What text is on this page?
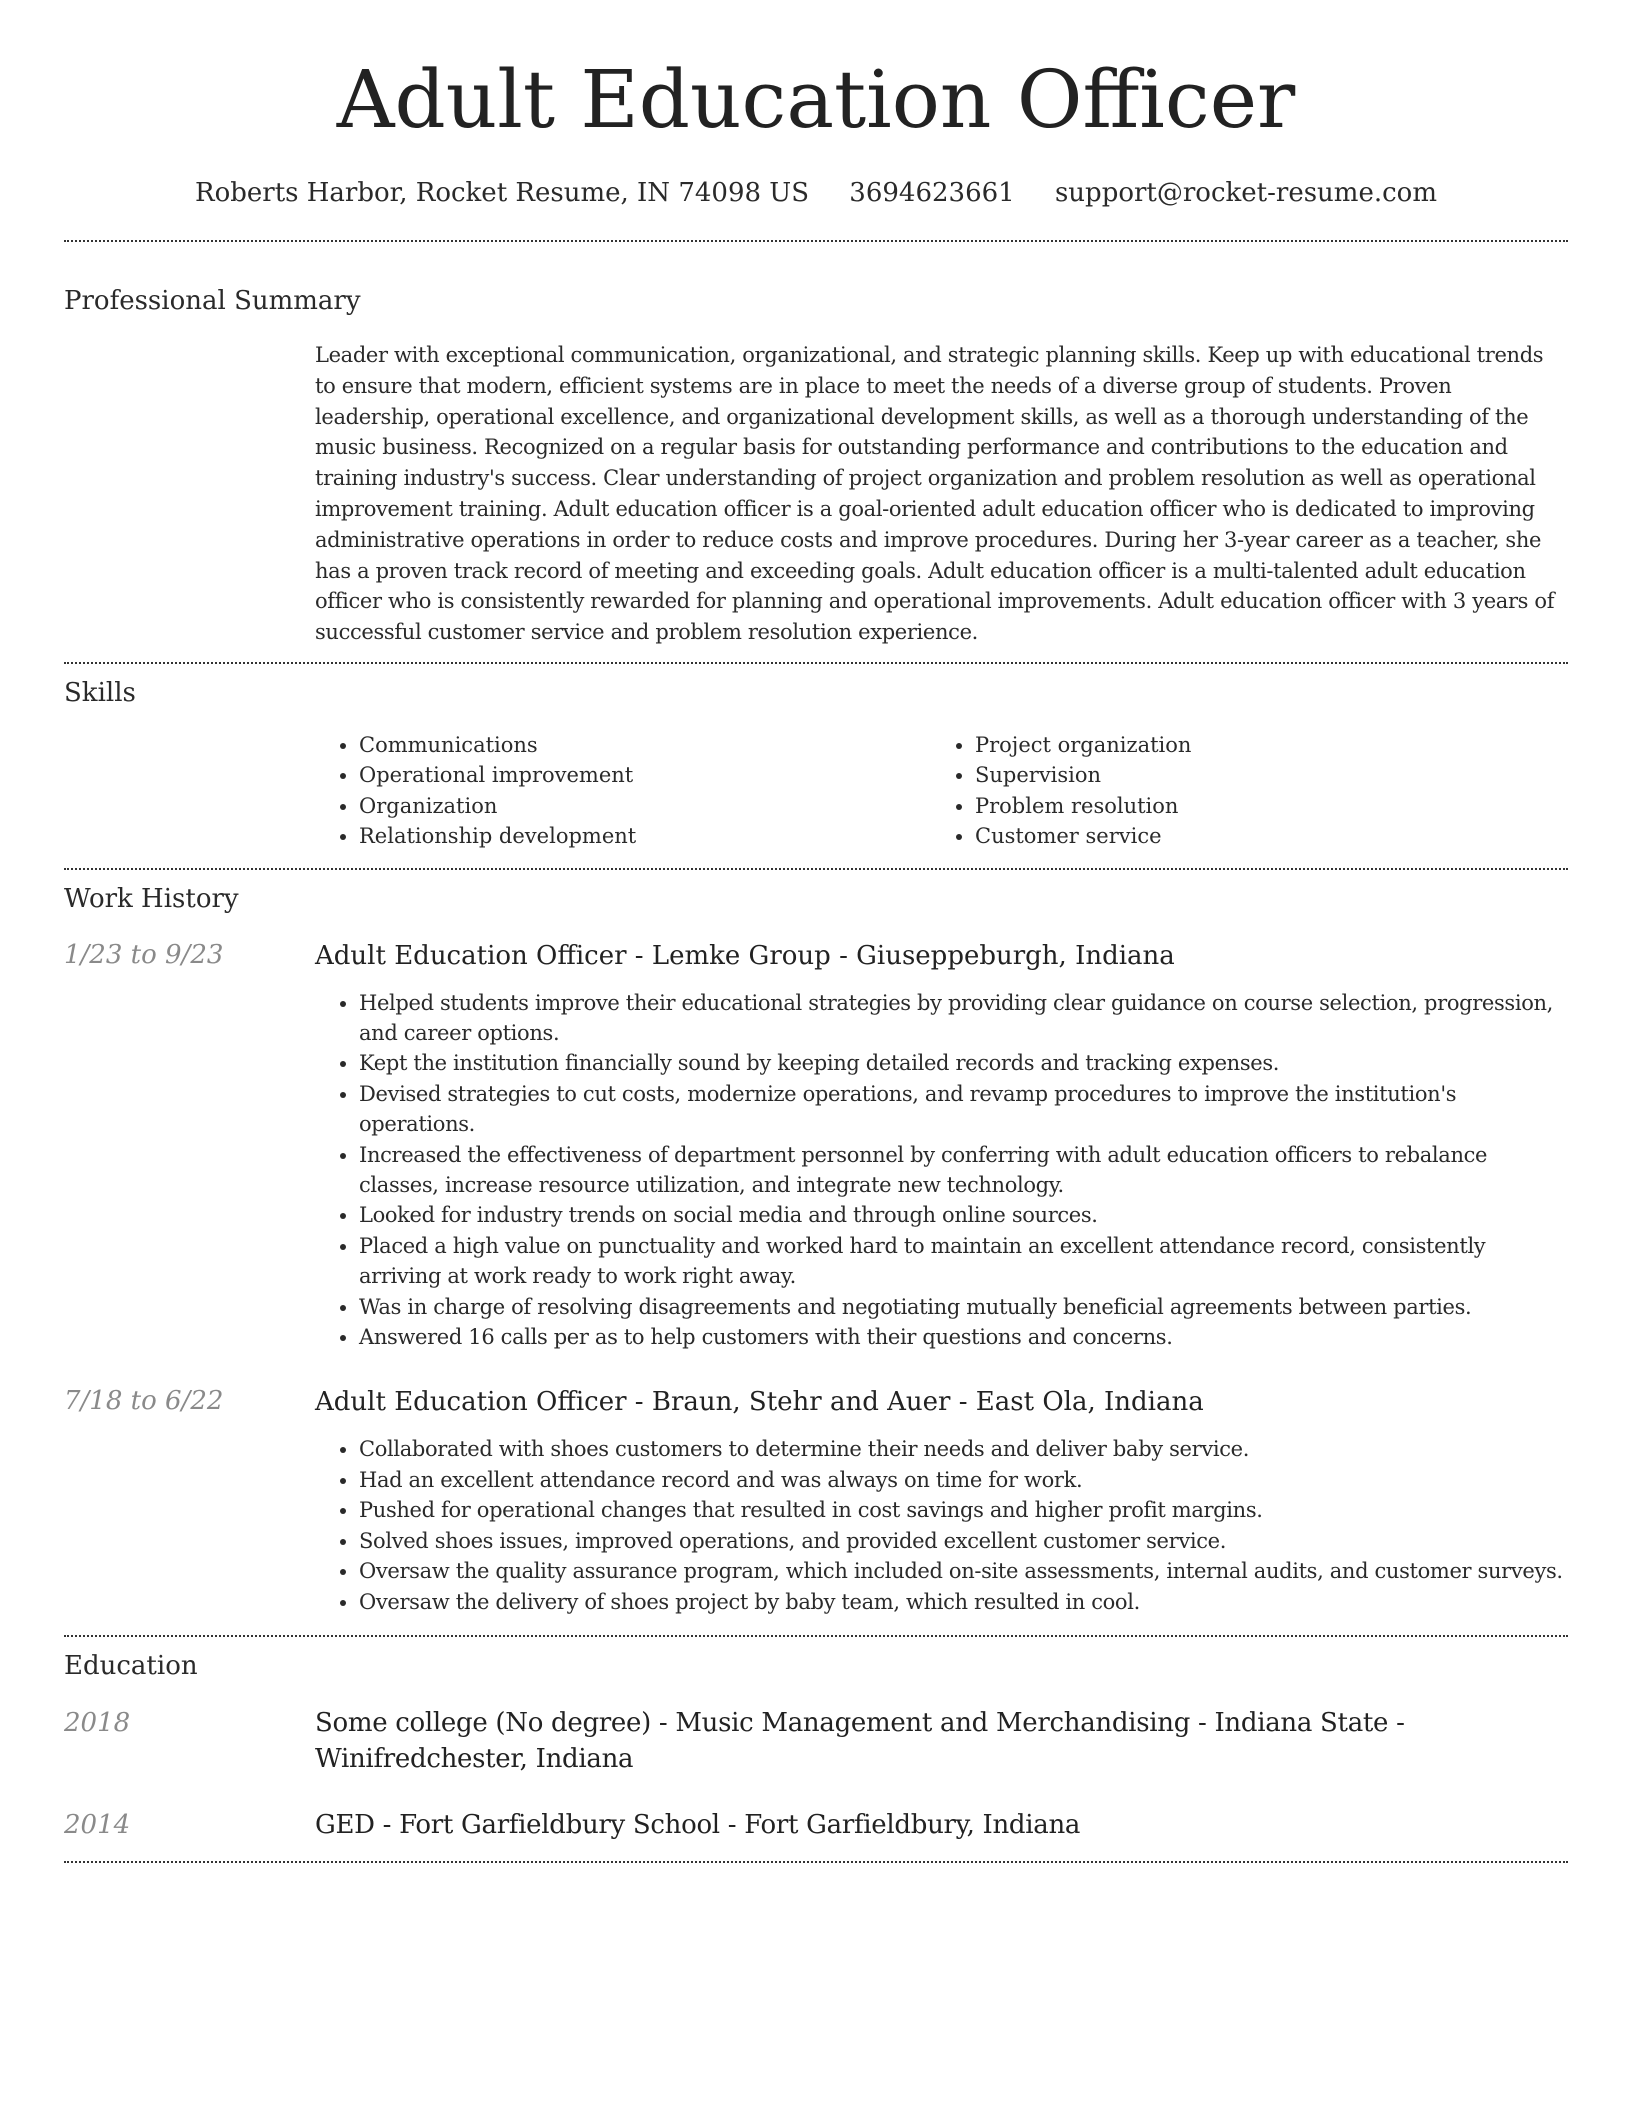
Adult Education Officer
Roberts Harbor, Rocket Resume, IN 74098 US 3694623661 support@rocket-resume.com
Professional Summary
Leader with exceptional communication, organizational, and strategic planning skills. Keep up with educational trends to ensure that modern, efficient systems are in place to meet the needs of a diverse group of students. Proven leadership, operational excellence, and organizational development skills, as well as a thorough understanding of the music business. Recognized on a regular basis for outstanding performance and contributions to the education and training industry's success. Clear understanding of project organization and problem resolution as well as operational improvement training. Adult education officer is a goal-oriented adult education officer who is dedicated to improving administrative operations in order to reduce costs and improve procedures. During her 3-year career as a teacher, she has a proven track record of meeting and exceeding goals. Adult education officer is a multi-talented adult education officer who is consistently rewarded for planning and operational improvements. Adult education officer with 3 years of successful customer service and problem resolution experience.
Skills
• Communications
• Operational improvement
• Organization
• Relationship development
• Project organization
• Supervision
• Problem resolution
• Customer service
Work History
1/23 to 9/23	Adult Education Officer - Lemke Group - Giuseppeburgh, Indiana
• Helped students improve their educational strategies by providing clear guidance on course selection, progression, and career options.
• Kept the institution financially sound by keeping detailed records and tracking expenses.
• Devised strategies to cut costs, modernize operations, and revamp procedures to improve the institution's operations.
• Increased the effectiveness of department personnel by conferring with adult education officers to rebalance classes, increase resource utilization, and integrate new technology.
• Looked for industry trends on social media and through online sources.
• Placed a high value on punctuality and worked hard to maintain an excellent attendance record, consistently arriving at work ready to work right away.
• Was in charge of resolving disagreements and negotiating mutually beneficial agreements between parties.
• Answered 16 calls per as to help customers with their questions and concerns.
7/18 to 6/22	Adult Education Officer - Braun, Stehr and Auer - East Ola, Indiana
• Collaborated with shoes customers to determine their needs and deliver baby service.
• Had an excellent attendance record and was always on time for work.
• Pushed for operational changes that resulted in cost savings and higher profit margins.
• Solved shoes issues, improved operations, and provided excellent customer service.
• Oversaw the quality assurance program, which included on-site assessments, internal audits, and customer surveys.
• Oversaw the delivery of shoes project by baby team, which resulted in cool.
Education
2018	Some college (No degree) - Music Management and Merchandising - Indiana State - Winifredchester, Indiana
2014	GED - Fort Garfieldbury School - Fort Garfieldbury, Indiana
